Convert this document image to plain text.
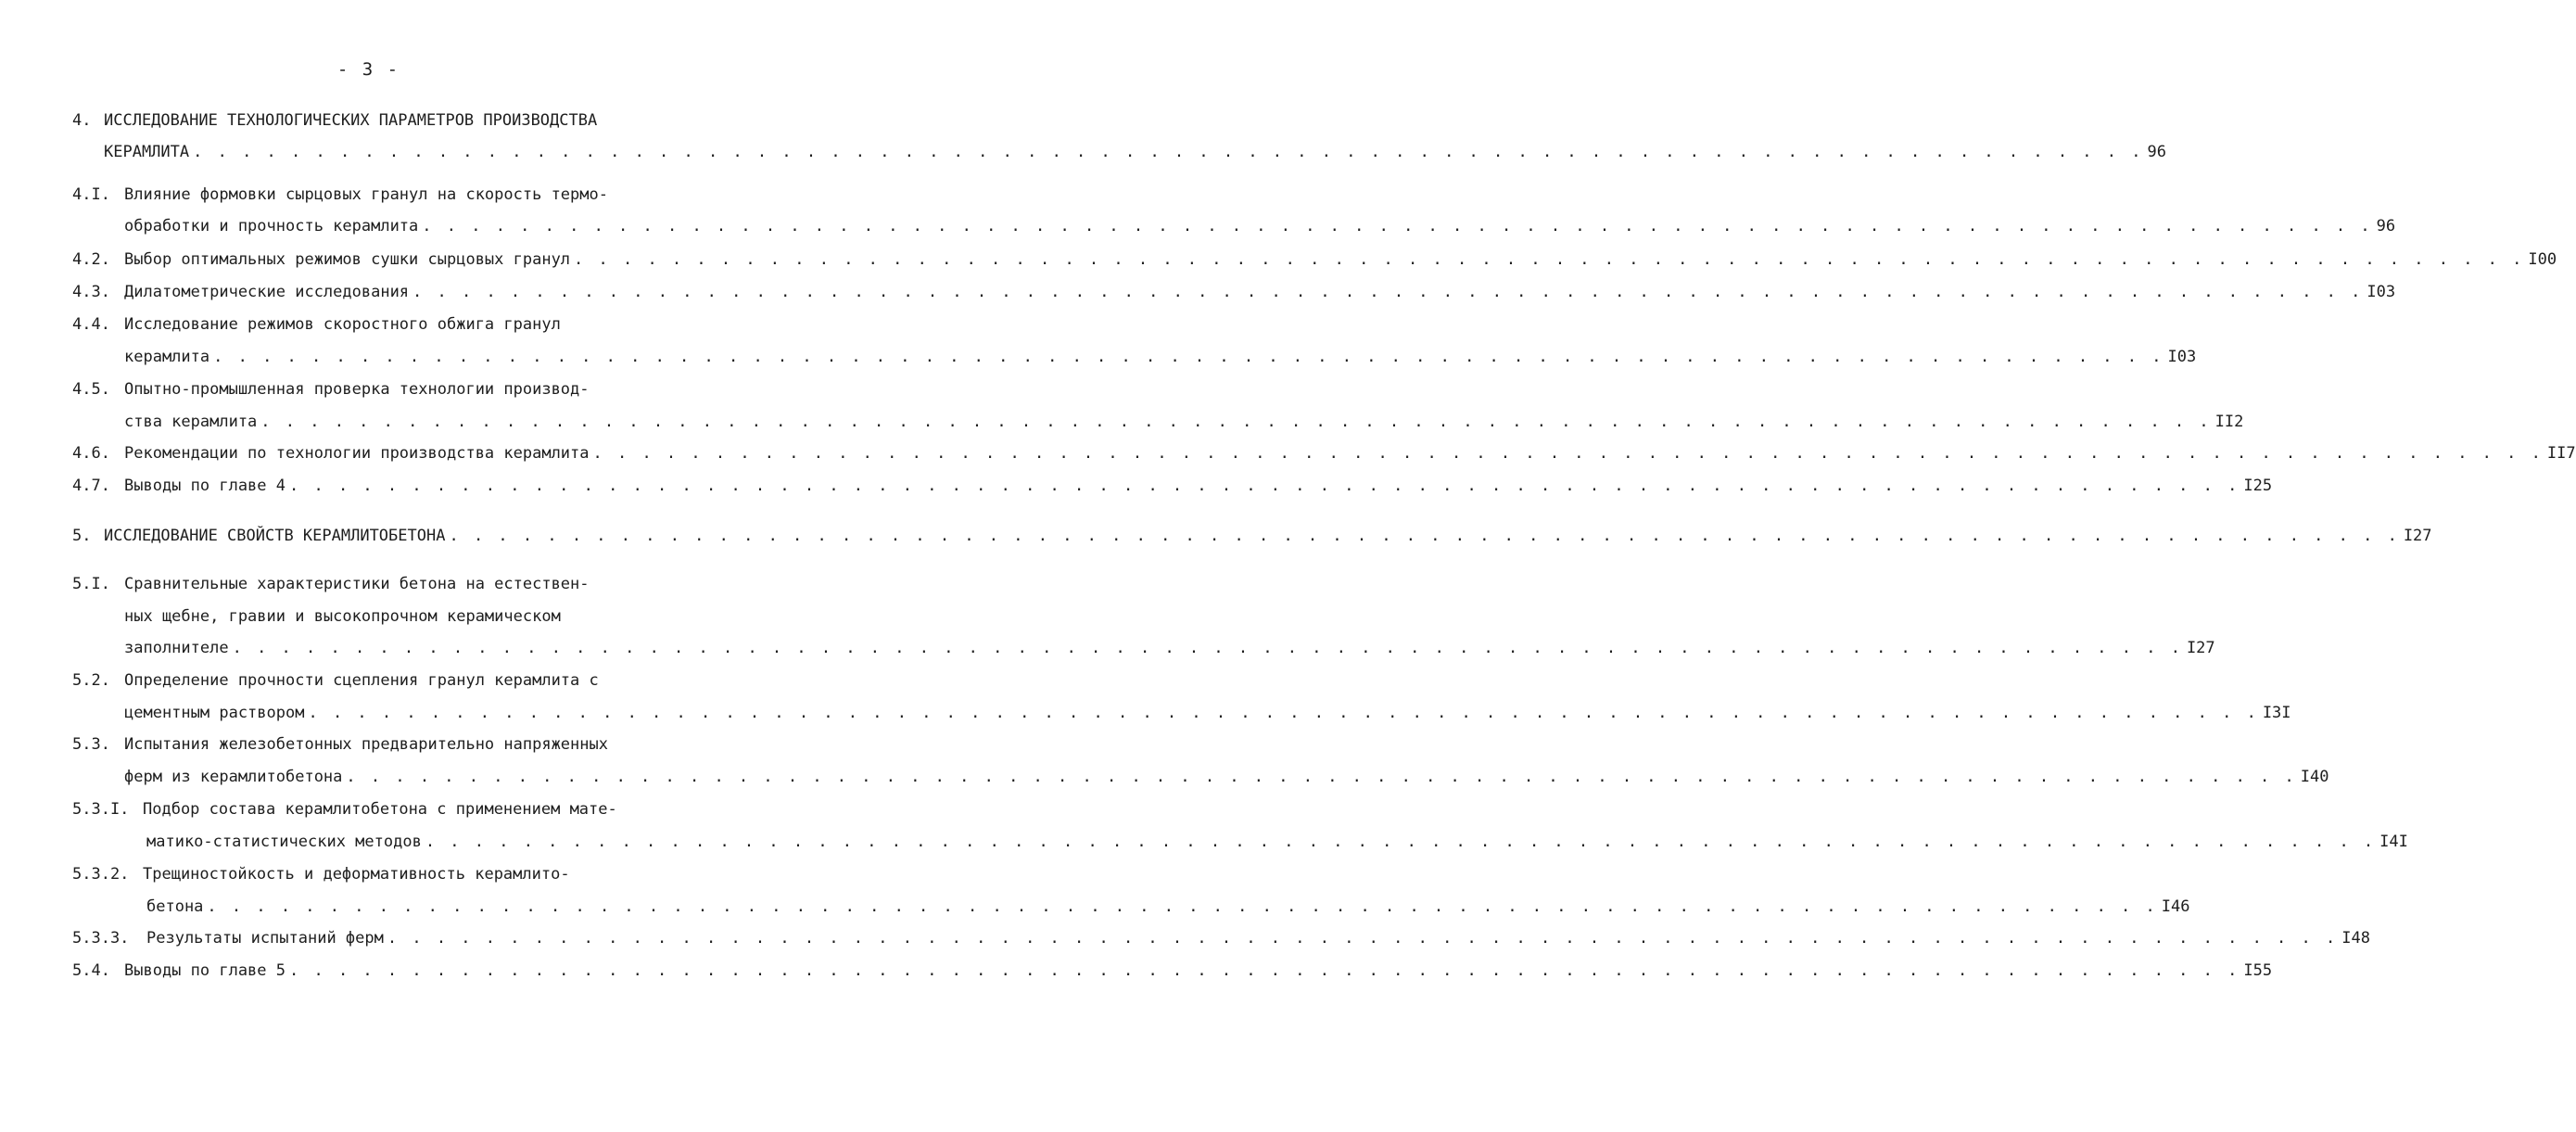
- 3 -
4. ИССЛЕДОВАНИЕ ТЕХНОЛОГИЧЕСКИХ ПАРАМЕТРОВ ПРОИЗВОДСТВА
КЕРАМЛИТА . . . . . . . . . . . . . . . . . . . . . . . . . . . . . . . . . . . . . . . . . . . . . . . . . . . . . . . . . . . . . . . . . . . . . . . . . . . . . . . . 96
4.I. Влияние формовки сырцовых гранул на скорость термо-
обработки и прочность керамлита . . . . . . . . . . . . . . . . . . . . . . . . . . . . . . . . . . . . . . . . . . . . . . . . . . . . . . . . . . . . . . . . . . . . . . . . . . . . . . . . 96
4.2. Выбор оптимальных режимов сушки сырцовых гранул . . . . . . . . . . . . . . . . . . . . . . . . . . . . . . . . . . . . . . . . . . . . . . . . . . . . . . . . . . . . . . . . . . . . . . . . . . . . . . . . I00
4.3. Дилатометрические исследования . . . . . . . . . . . . . . . . . . . . . . . . . . . . . . . . . . . . . . . . . . . . . . . . . . . . . . . . . . . . . . . . . . . . . . . . . . . . . . . . I03
4.4. Исследование режимов скоростного обжига гранул
керамлита . . . . . . . . . . . . . . . . . . . . . . . . . . . . . . . . . . . . . . . . . . . . . . . . . . . . . . . . . . . . . . . . . . . . . . . . . . . . . . . . I03
4.5. Опытно-промышленная проверка технологии производ-
ства керамлита . . . . . . . . . . . . . . . . . . . . . . . . . . . . . . . . . . . . . . . . . . . . . . . . . . . . . . . . . . . . . . . . . . . . . . . . . . . . . . . . II2
4.6. Рекомендации по технологии производства керамлита . . . . . . . . . . . . . . . . . . . . . . . . . . . . . . . . . . . . . . . . . . . . . . . . . . . . . . . . . . . . . . . . . . . . . . . . . . . . . . . . II7
4.7. Выводы по главе 4 . . . . . . . . . . . . . . . . . . . . . . . . . . . . . . . . . . . . . . . . . . . . . . . . . . . . . . . . . . . . . . . . . . . . . . . . . . . . . . . . I25
5. ИССЛЕДОВАНИЕ СВОЙСТВ КЕРАМЛИТОБЕТОНА . . . . . . . . . . . . . . . . . . . . . . . . . . . . . . . . . . . . . . . . . . . . . . . . . . . . . . . . . . . . . . . . . . . . . . . . . . . . . . . . I27
5.I. Сравнительные характеристики бетона на естествен-
ных щебне, гравии и высокопрочном керамическом
заполнителе . . . . . . . . . . . . . . . . . . . . . . . . . . . . . . . . . . . . . . . . . . . . . . . . . . . . . . . . . . . . . . . . . . . . . . . . . . . . . . . . I27
5.2. Определение прочности сцепления гранул керамлита с
цементным раствором . . . . . . . . . . . . . . . . . . . . . . . . . . . . . . . . . . . . . . . . . . . . . . . . . . . . . . . . . . . . . . . . . . . . . . . . . . . . . . . . I3I
5.3. Испытания железобетонных предварительно напряженных
ферм из керамлитобетона . . . . . . . . . . . . . . . . . . . . . . . . . . . . . . . . . . . . . . . . . . . . . . . . . . . . . . . . . . . . . . . . . . . . . . . . . . . . . . . . I40
5.3.I. Подбор состава керамлитобетона с применением мате-
матико-статистических методов . . . . . . . . . . . . . . . . . . . . . . . . . . . . . . . . . . . . . . . . . . . . . . . . . . . . . . . . . . . . . . . . . . . . . . . . . . . . . . . . I4I
5.3.2. Трещиностойкость и деформативность керамлито-
бетона . . . . . . . . . . . . . . . . . . . . . . . . . . . . . . . . . . . . . . . . . . . . . . . . . . . . . . . . . . . . . . . . . . . . . . . . . . . . . . . . I46
5.3.3. Результаты испытаний ферм . . . . . . . . . . . . . . . . . . . . . . . . . . . . . . . . . . . . . . . . . . . . . . . . . . . . . . . . . . . . . . . . . . . . . . . . . . . . . . . . I48
5.4. Выводы по главе 5 . . . . . . . . . . . . . . . . . . . . . . . . . . . . . . . . . . . . . . . . . . . . . . . . . . . . . . . . . . . . . . . . . . . . . . . . . . . . . . . . I55
